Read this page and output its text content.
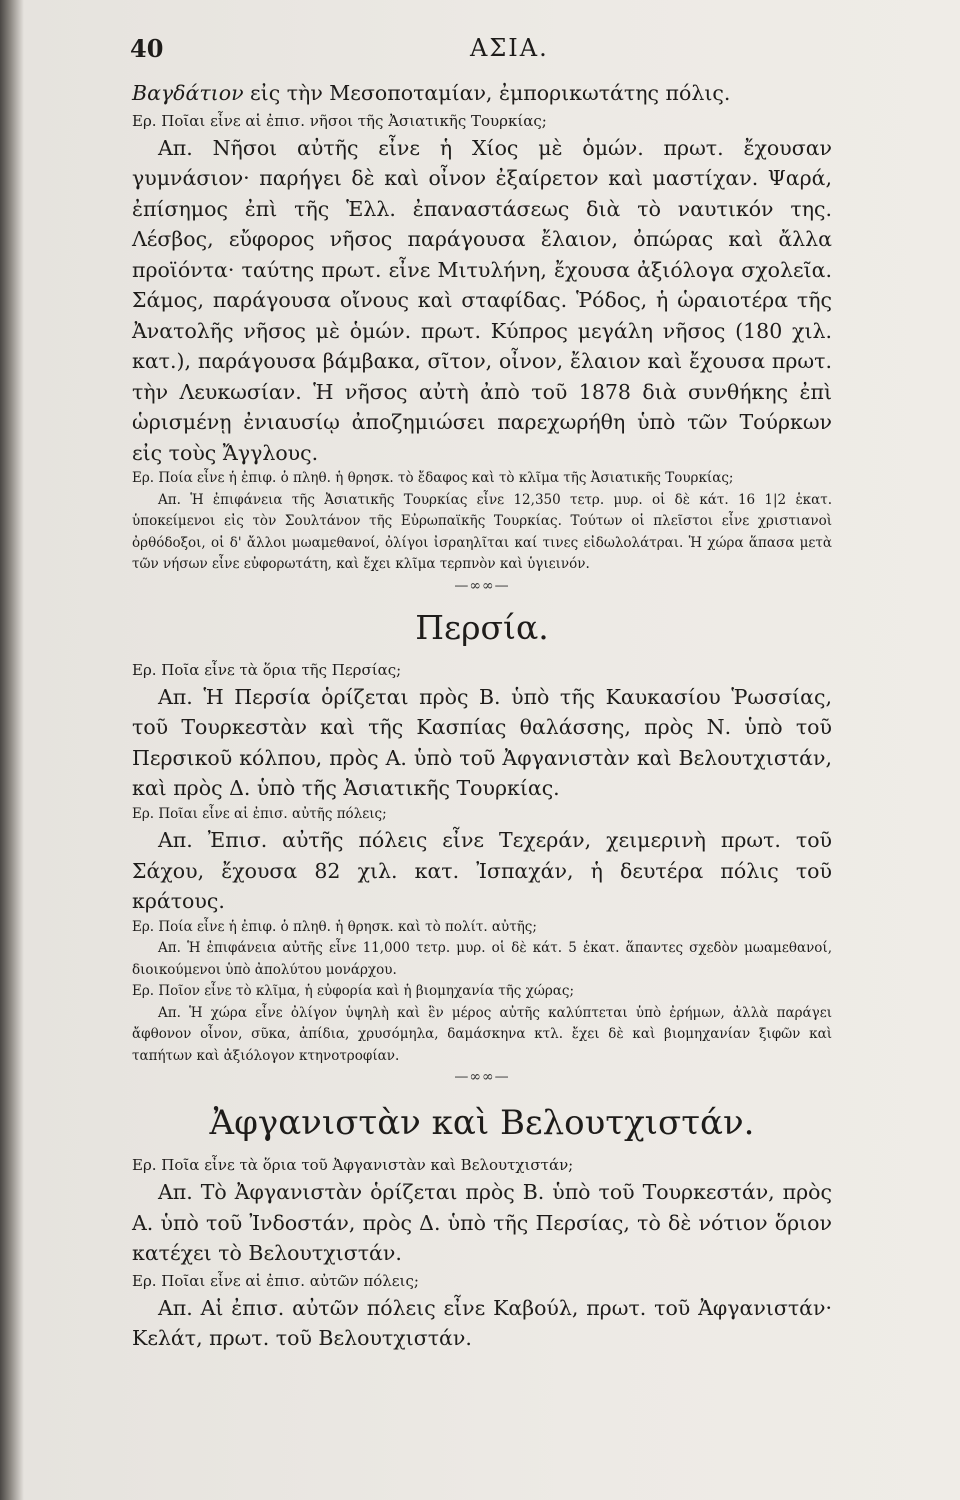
40	ΑΣΙΑ.

Βαγδάτιον εἰς τὴν Μεσοποταμίαν, ἐμπορικωτάτης πόλις.

Ερ. Ποῖαι εἶνε αἱ ἐπισ. νῆσοι τῆς Ἀσιατικῆς Τουρκίας;

Απ. Νῆσοι αὐτῆς εἶνε ἡ Χίος μὲ ὁμών. πρωτ. ἔχουσαν γυμνάσιον· παρήγει δὲ καὶ οἶνον ἐξαίρετον καὶ μαστίχαν. Ψαρά, ἐπίσημος ἐπὶ τῆς Ἑλλ. ἐπαναστάσεως διὰ τὸ ναυτικόν της. Λέσβος, εὔφορος νῆσος παράγουσα ἔλαιον, ὀπώρας καὶ ἄλλα προϊόντα· ταύτης πρωτ. εἶνε Μιτυλήνη, ἔχουσα ἀξιόλογα σχολεῖα. Σάμος, παράγουσα οἴνους καὶ σταφίδας. Ῥόδος, ἡ ὡραιοτέρα τῆς Ἀνατολῆς νῆσος μὲ ὁμών. πρωτ. Κύπρος μεγάλη νῆσος (180 χιλ. κατ.), παράγουσα βάμβακα, σῖτον, οἶνον, ἔλαιον καὶ ἔχουσα πρωτ. τὴν Λευκωσίαν. Ἡ νῆσος αὐτὴ ἀπὸ τοῦ 1878 διὰ συνθήκης ἐπὶ ὡρισμένῃ ἐνιαυσίῳ ἀποζημιώσει παρεχωρήθη ὑπὸ τῶν Τούρκων εἰς τοὺς Ἄγγλους.

Ερ. Ποία εἶνε ἡ ἐπιφ. ὁ πληθ. ἡ θρησκ. τὸ ἔδαφος καὶ τὸ κλῖμα τῆς Ἀσιατικῆς Τουρκίας;

Απ. Ἡ ἐπιφάνεια τῆς Ἀσιατικῆς Τουρκίας εἶνε 12,350 τετρ. μυρ. οἱ δὲ κάτ. 16 1|2 ἑκατ. ὑποκείμενοι εἰς τὸν Σουλτάνον τῆς Εὐρωπαϊκῆς Τουρκίας. Τούτων οἱ πλεῖστοι εἶνε χριστιανοὶ ὀρθόδοξοι, οἱ δ' ἄλλοι μωαμεθανοί, ὀλίγοι ἰσραηλῖται καί τινες εἰδωλολάτραι. Ἡ χώρα ἅπασα μετὰ τῶν νήσων εἶνε εὐφορωτάτη, καὶ ἔχει κλῖμα τερπνὸν καὶ ὑγιεινόν.

—∞∞—
Περσία.

Ερ. Ποῖα εἶνε τὰ ὅρια τῆς Περσίας;

Απ. Ἡ Περσία ὁρίζεται πρὸς Β. ὑπὸ τῆς Καυκασίου Ῥωσσίας, τοῦ Τουρκεστὰν καὶ τῆς Κασπίας θαλάσσης, πρὸς Ν. ὑπὸ τοῦ Περσικοῦ κόλπου, πρὸς Α. ὑπὸ τοῦ Ἀφγανιστὰν καὶ Βελουτχιστάν, καὶ πρὸς Δ. ὑπὸ τῆς Ἀσιατικῆς Τουρκίας.

Ερ. Ποῖαι εἶνε αἱ ἐπισ. αὐτῆς πόλεις;

Απ. Ἐπισ. αὐτῆς πόλεις εἶνε Τεχεράν, χειμερινὴ πρωτ. τοῦ Σάχου, ἔχουσα 82 χιλ. κατ. Ἰσπαχάν, ἡ δευτέρα πόλις τοῦ κράτους.

Ερ. Ποία εἶνε ἡ ἐπιφ. ὁ πληθ. ἡ θρησκ. καὶ τὸ πολίτ. αὐτῆς;

Απ. Ἡ ἐπιφάνεια αὐτῆς εἶνε 11,000 τετρ. μυρ. οἱ δὲ κάτ. 5 ἑκατ. ἅπαντες σχεδὸν μωαμεθανοί, διοικούμενοι ὑπὸ ἀπολύτου μονάρχου.

Ερ. Ποῖον εἶνε τὸ κλῖμα, ἡ εὐφορία καὶ ἡ βιομηχανία τῆς χώρας;

Απ. Ἡ χώρα εἶνε ὀλίγον ὑψηλὴ καὶ ἓν μέρος αὐτῆς καλύπτεται ὑπὸ ἐρήμων, ἀλλὰ παράγει ἄφθονον οἶνον, σῦκα, ἀπίδια, χρυσόμηλα, δαμάσκηνα κτλ. ἔχει δὲ καὶ βιομηχανίαν ξιφῶν καὶ ταπήτων καὶ ἀξιόλογον κτηνοτροφίαν.

—∞∞—
Ἀφγανιστὰν καὶ Βελουτχιστάν.

Ερ. Ποῖα εἶνε τὰ ὅρια τοῦ Ἀφγανιστὰν καὶ Βελουτχιστάν;

Απ. Τὸ Ἀφγανιστὰν ὁρίζεται πρὸς Β. ὑπὸ τοῦ Τουρκεστάν, πρὸς Α. ὑπὸ τοῦ Ἰνδοστάν, πρὸς Δ. ὑπὸ τῆς Περσίας, τὸ δὲ νότιον ὅριον κατέχει τὸ Βελουτχιστάν.

Ερ. Ποῖαι εἶνε αἱ ἐπισ. αὐτῶν πόλεις;

Απ. Αἱ ἐπισ. αὐτῶν πόλεις εἶνε Καβούλ, πρωτ. τοῦ Ἀφγανιστάν· Κελάτ, πρωτ. τοῦ Βελουτχιστάν.
